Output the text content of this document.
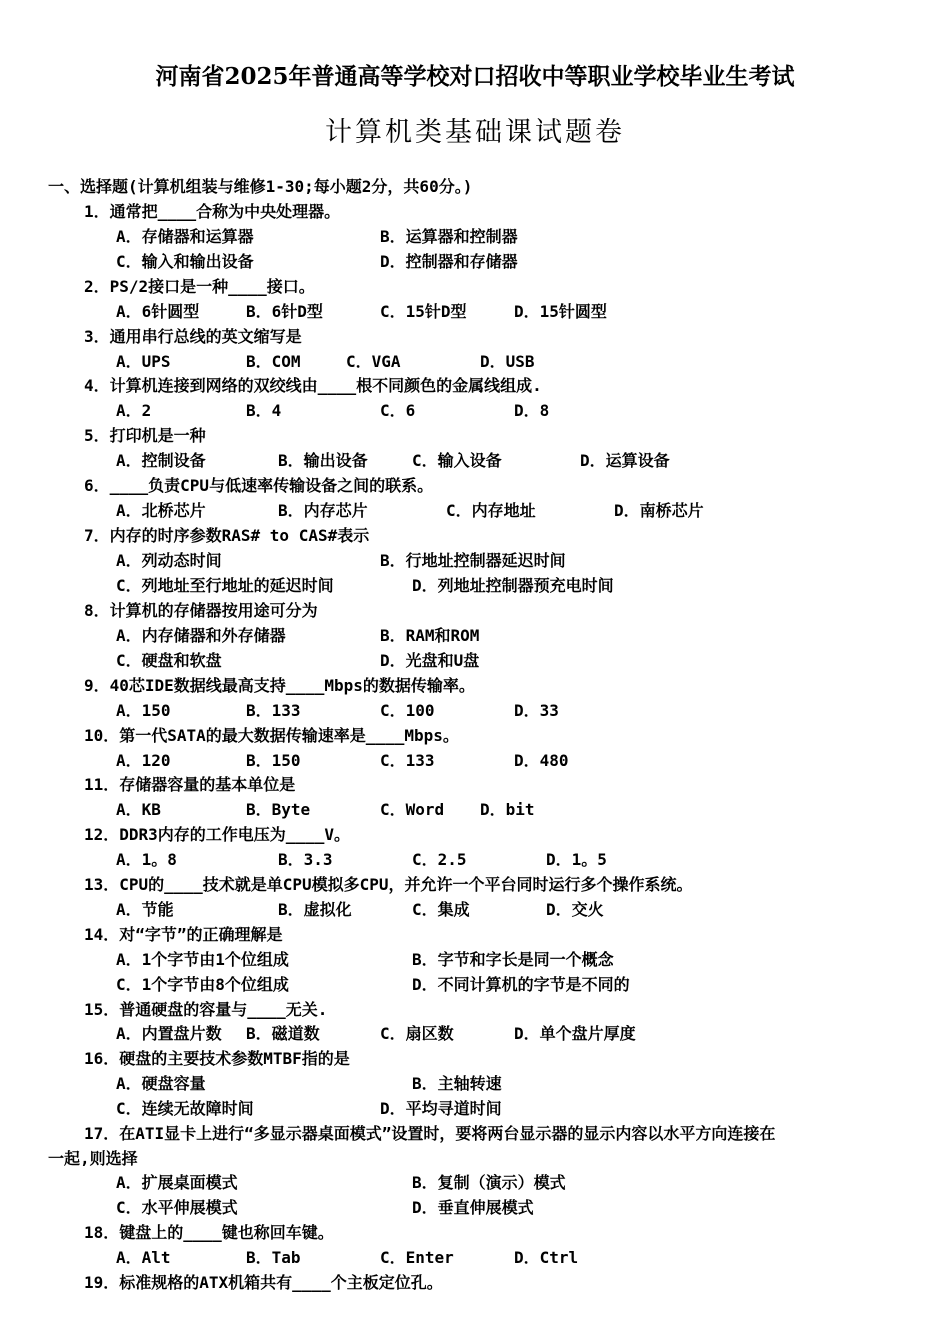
河南省2025年普通高等学校对口招收中等职业学校毕业生考试
计算机类基础课试题卷
一、选择题(计算机组装与维修1-30;每小题2分，共60分。)
1．通常把____合称为中央处理器。
A．存储器和运算器	B．运算器和控制器
C．输入和输出设备	D．控制器和存储器
2．PS/2接口是一种____接口。
A．6针圆型	B．6针D型	C．15针D型	D．15针圆型
3．通用串行总线的英文缩写是
A．UPS	B．COM	C．VGA	D．USB
4．计算机连接到网络的双绞线由____根不同颜色的金属线组成.
A．2	B．4	C．6	D．8
5．打印机是一种
A．控制设备	B．输出设备	C．输入设备	D．运算设备
6．____负责CPU与低速率传输设备之间的联系。
A．北桥芯片	B．内存芯片	C．内存地址	D．南桥芯片
7．内存的时序参数RAS# to CAS#表示
A．列动态时间	B．行地址控制器延迟时间
C．列地址至行地址的延迟时间	D．列地址控制器预充电时间
8．计算机的存储器按用途可分为
A．内存储器和外存储器	B．RAM和ROM
C．硬盘和软盘	D．光盘和U盘
9．40芯IDE数据线最高支持____Mbps的数据传输率。
A．150	B．133	C．100	D．33
10．第一代SATA的最大数据传输速率是____Mbps。
A．120	B．150	C．133	D．480
11．存储器容量的基本单位是
A．KB	B．Byte	C．Word D．bit
12．DDR3内存的工作电压为____V。
A．1。8	B．3.3	C．2.5	D．1。5
13．CPU的____技术就是单CPU模拟多CPU，并允许一个平台同时运行多个操作系统。
A．节能	B．虚拟化	C．集成	D．交火
14．对“字节”的正确理解是
A．1个字节由1个位组成	B．字节和字长是同一个概念
C．1个字节由8个位组成	D．不同计算机的字节是不同的
15．普通硬盘的容量与____无关.
A．内置盘片数 B．磁道数	C．扇区数	D．单个盘片厚度
16．硬盘的主要技术参数MTBF指的是
A．硬盘容量	B．主轴转速
C．连续无故障时间	D．平均寻道时间
17．在ATI显卡上进行“多显示器桌面模式”设置时，要将两台显示器的显示内容以水平方向连接在
一起,则选择
A．扩展桌面模式	B．复制（演示）模式
C．水平伸展模式	D．垂直伸展模式
18．键盘上的____键也称回车键。
A．Alt	B．Tab	C．Enter	D．Ctrl
19．标准规格的ATX机箱共有____个主板定位孔。
